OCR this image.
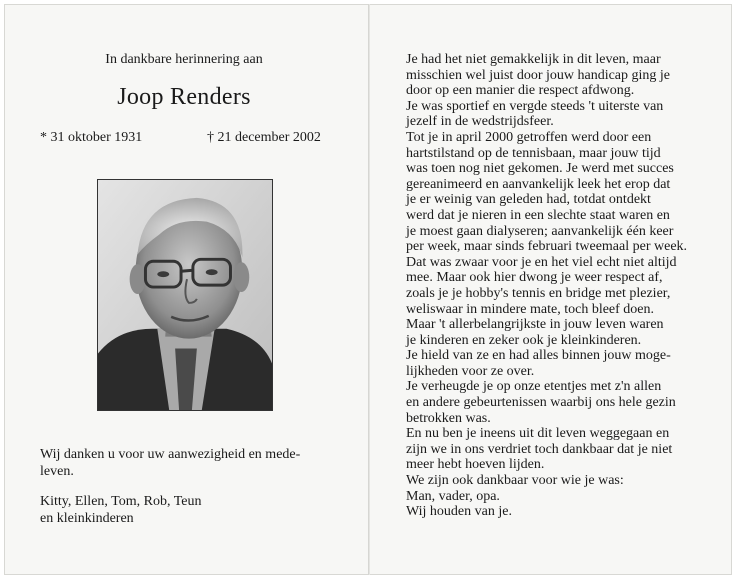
In dankbare herinnering aan
Joop Renders
* 31 oktober 1931	† 21 december 2002
Wij danken u voor uw aanwezigheid en mede-
leven.
Kitty, Ellen, Tom, Rob, Teun
en kleinkinderen
Je had het niet gemakkelijk in dit leven, maar
misschien wel juist door jouw handicap ging je
door op een manier die respect afdwong.
Je was sportief en vergde steeds 't uiterste van
jezelf in de wedstrijdsfeer.
Tot je in april 2000 getroffen werd door een
hartstilstand op de tennisbaan, maar jouw tijd
was toen nog niet gekomen. Je werd met succes
gereanimeerd en aanvankelijk leek het erop dat
je er weinig van geleden had, totdat ontdekt
werd dat je nieren in een slechte staat waren en
je moest gaan dialyseren; aanvankelijk één keer
per week, maar sinds februari tweemaal per week.
Dat was zwaar voor je en het viel echt niet altijd
mee. Maar ook hier dwong je weer respect af,
zoals je je hobby's tennis en bridge met plezier,
weliswaar in mindere mate, toch bleef doen.
Maar 't allerbelangrijkste in jouw leven waren
je kinderen en zeker ook je kleinkinderen.
Je hield van ze en had alles binnen jouw moge-
lijkheden voor ze over.
Je verheugde je op onze etentjes met z'n allen
en andere gebeurtenissen waarbij ons hele gezin
betrokken was.
En nu ben je ineens uit dit leven weggegaan en
zijn we in ons verdriet toch dankbaar dat je niet
meer hebt hoeven lijden.
We zijn ook dankbaar voor wie je was:
Man, vader, opa.
Wij houden van je.
